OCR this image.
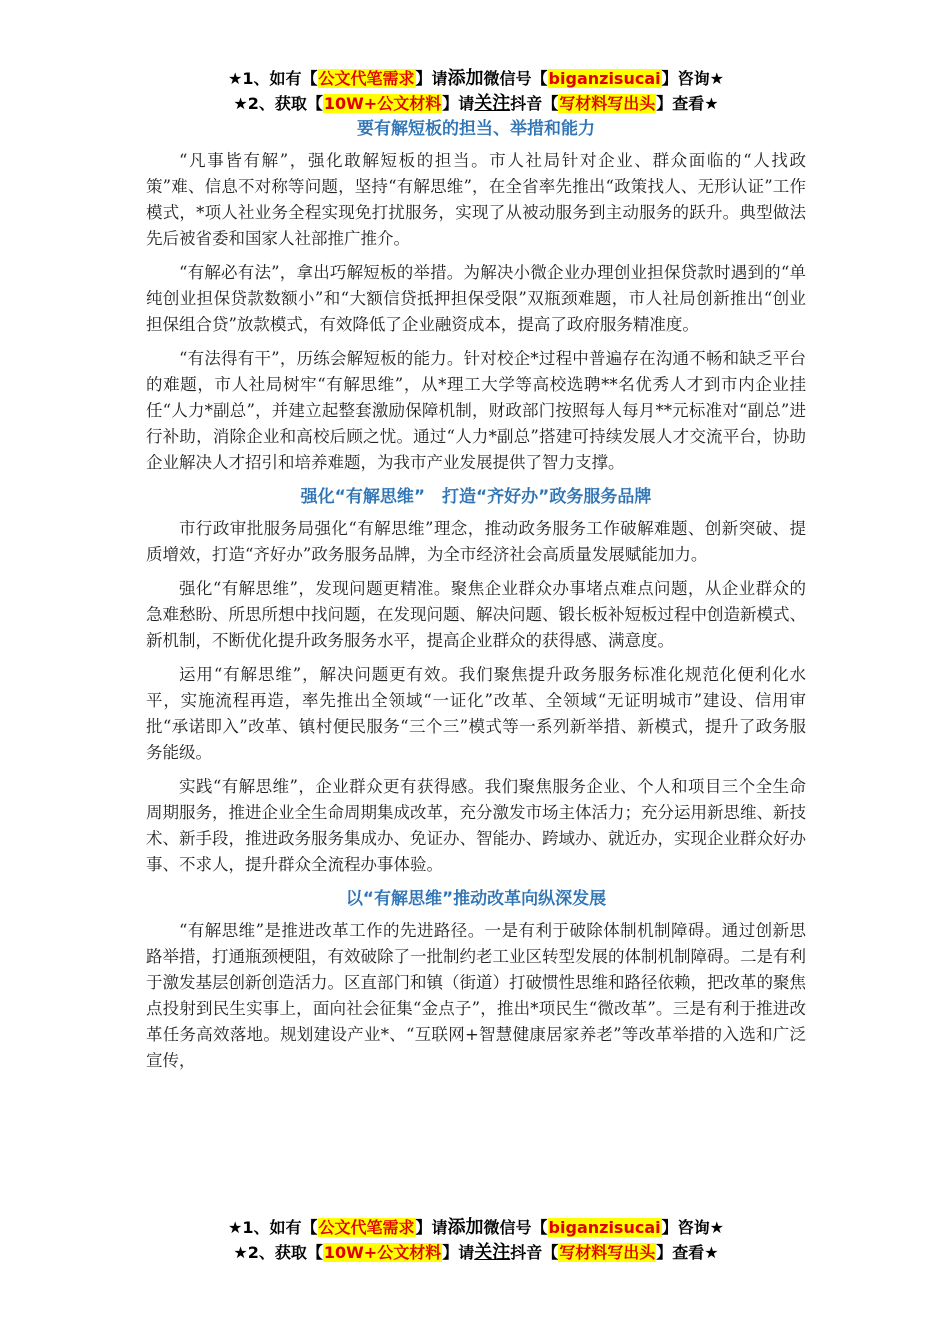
★1、如有【公文代笔需求】请添加微信号【biganzisucai】咨询★
★2、获取【10W+公文材料】请关注抖音【写材料写出头】查看★
要有解短板的担当、举措和能力

“凡事皆有解”，强化敢解短板的担当。市人社局针对企业、群众面临的“人找政策”难、信息不对称等问题，坚持“有解思维”，在全省率先推出“政策找人、无形认证”工作模式，*项人社业务全程实现免打扰服务，实现了从被动服务到主动服务的跃升。典型做法先后被省委和国家人社部推广推介。

“有解必有法”，拿出巧解短板的举措。为解决小微企业办理创业担保贷款时遇到的“单纯创业担保贷款数额小”和“大额信贷抵押担保受限”双瓶颈难题，市人社局创新推出“创业担保组合贷”放款模式，有效降低了企业融资成本，提高了政府服务精准度。

“有法得有干”，历练会解短板的能力。针对校企*过程中普遍存在沟通不畅和缺乏平台的难题，市人社局树牢“有解思维”，从*理工大学等高校选聘**名优秀人才到市内企业挂任“人力*副总”，并建立起整套激励保障机制，财政部门按照每人每月**元标准对“副总”进行补助，消除企业和高校后顾之忧。通过“人力*副总”搭建可持续发展人才交流平台，协助企业解决人才招引和培养难题，为我市产业发展提供了智力支撑。

强化“有解思维”　打造“齐好办”政务服务品牌

市行政审批服务局强化“有解思维”理念，推动政务服务工作破解难题、创新突破、提质增效，打造“齐好办”政务服务品牌，为全市经济社会高质量发展赋能加力。

强化“有解思维”，发现问题更精准。聚焦企业群众办事堵点难点问题，从企业群众的急难愁盼、所思所想中找问题，在发现问题、解决问题、锻长板补短板过程中创造新模式、新机制，不断优化提升政务服务水平，提高企业群众的获得感、满意度。

运用“有解思维”，解决问题更有效。我们聚焦提升政务服务标准化规范化便利化水平，实施流程再造，率先推出全领域“一证化”改革、全领域“无证明城市”建设、信用审批“承诺即入”改革、镇村便民服务“三个三”模式等一系列新举措、新模式，提升了政务服务能级。

实践“有解思维”，企业群众更有获得感。我们聚焦服务企业、个人和项目三个全生命周期服务，推进企业全生命周期集成改革，充分激发市场主体活力；充分运用新思维、新技术、新手段，推进政务服务集成办、免证办、智能办、跨域办、就近办，实现企业群众好办事、不求人，提升群众全流程办事体验。

以“有解思维”推动改革向纵深发展

“有解思维”是推进改革工作的先进路径。一是有利于破除体制机制障碍。通过创新思路举措，打通瓶颈梗阻，有效破除了一批制约老工业区转型发展的体制机制障碍。二是有利于激发基层创新创造活力。区直部门和镇（街道）打破惯性思维和路径依赖，把改革的聚焦点投射到民生实事上，面向社会征集“金点子”，推出*项民生“微改革”。三是有利于推进改革任务高效落地。规划建设产业*、“互联网+智慧健康居家养老”等改革举措的入选和广泛宣传，

★1、如有【公文代笔需求】请添加微信号【biganzisucai】咨询★
★2、获取【10W+公文材料】请关注抖音【写材料写出头】查看★
